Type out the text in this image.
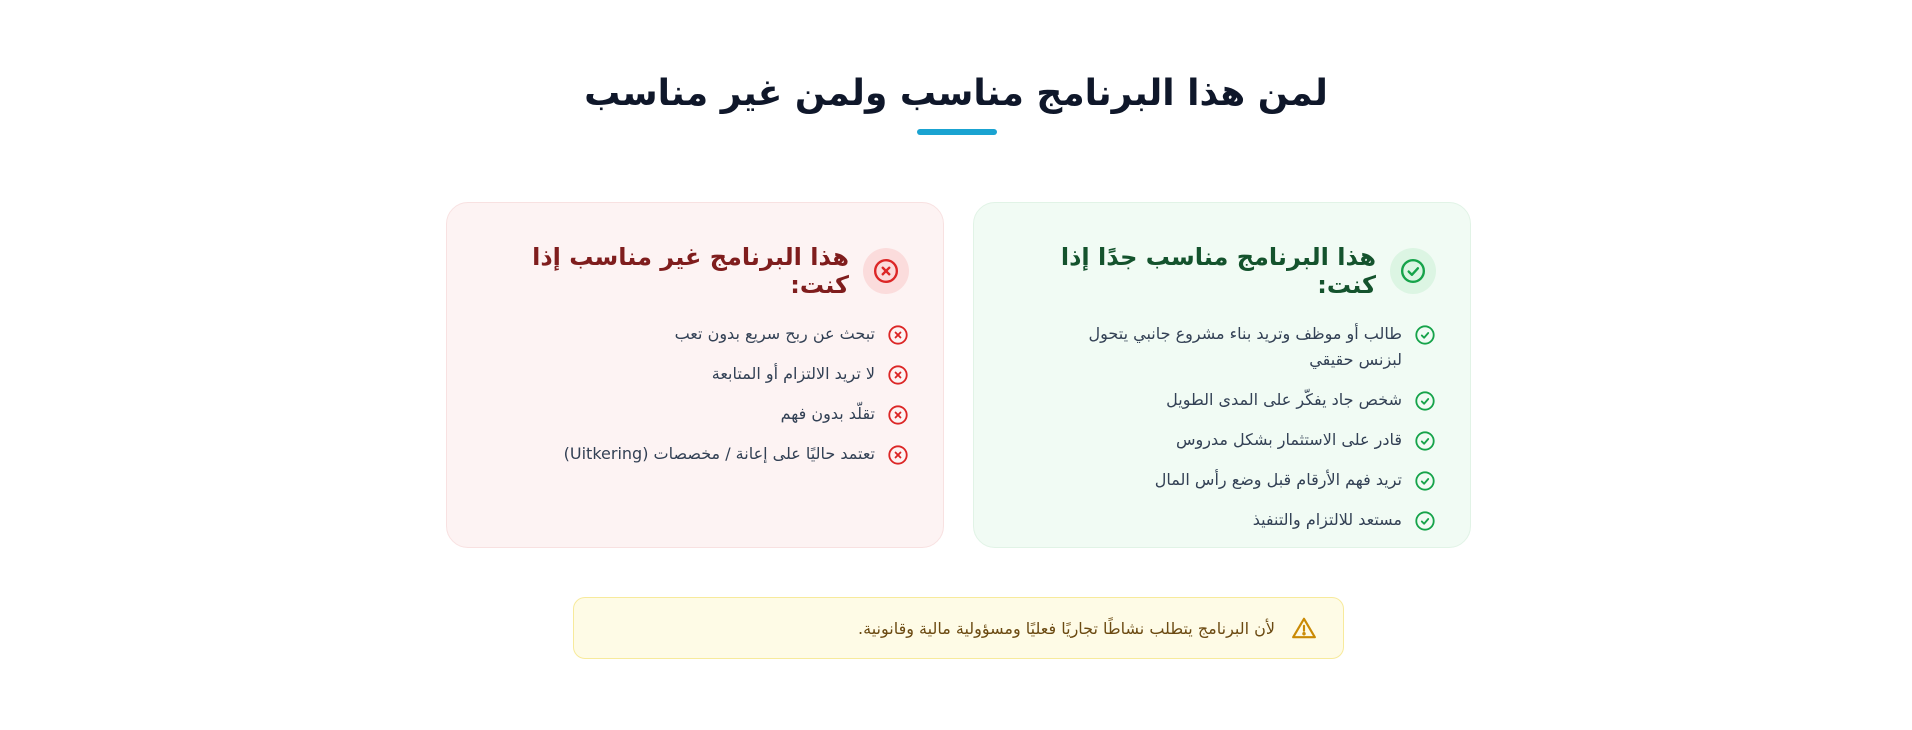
لمن هذا البرنامج مناسب ولمن غير مناسب
هذا البرنامج مناسب جدًا إذا كنت:
طالب أو موظف وتريد بناء مشروع جانبي يتحول لبزنس حقيقي
شخص جاد يفكّر على المدى الطويل
قادر على الاستثمار بشكل مدروس
تريد فهم الأرقام قبل وضع رأس المال
مستعد للالتزام والتنفيذ
هذا البرنامج غير مناسب إذا كنت:
تبحث عن ربح سريع بدون تعب
لا تريد الالتزام أو المتابعة
تقلّد بدون فهم
تعتمد حاليًا على إعانة / مخصصات (Uitkering)
لأن البرنامج يتطلب نشاطًا تجاريًا فعليًا ومسؤولية مالية وقانونية.
